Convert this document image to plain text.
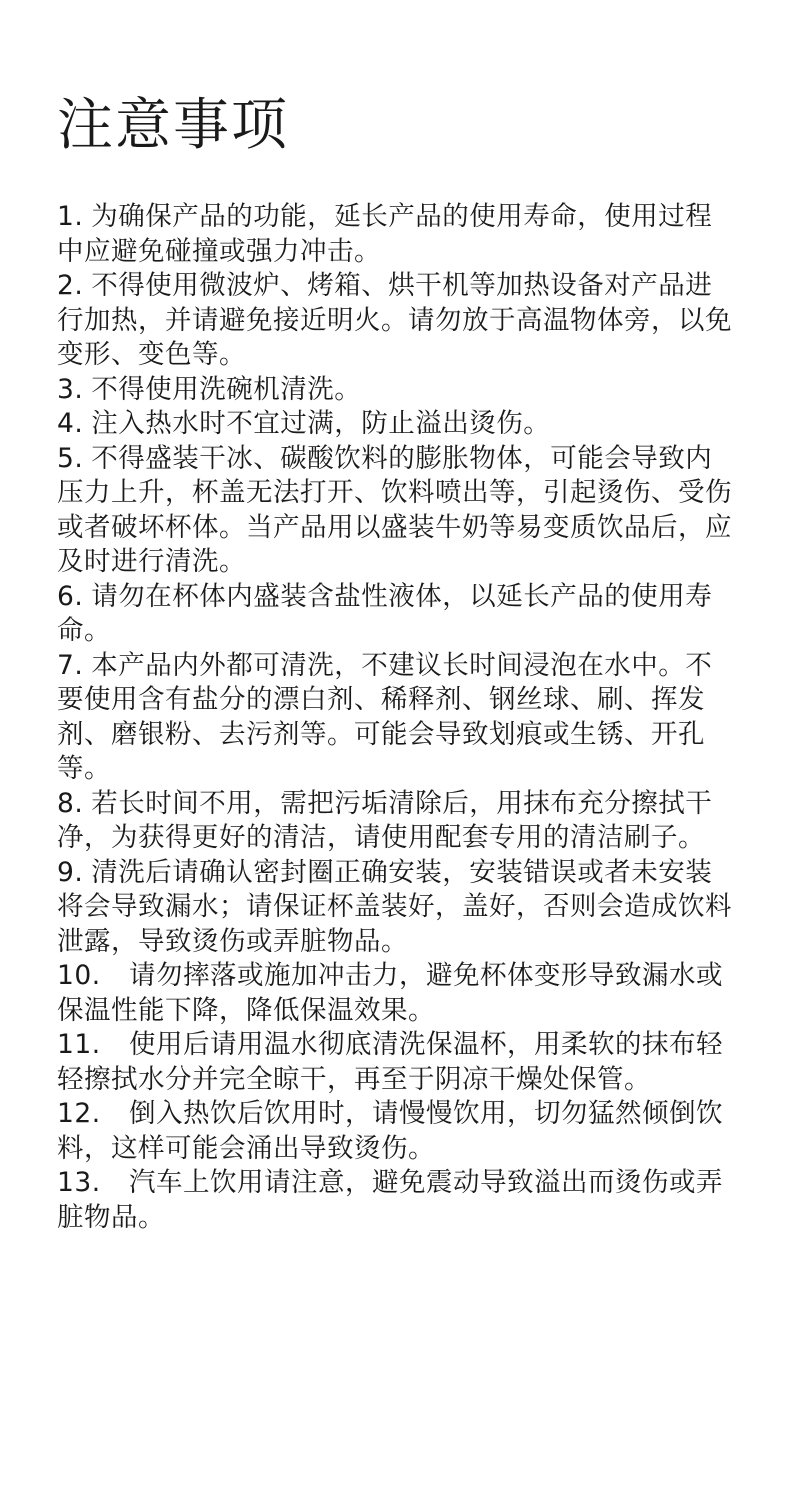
注意事项
1. 为确保产品的功能，延长产品的使用寿命，使用过程中应避免碰撞或强力冲击。
2. 不得使用微波炉、烤箱、烘干机等加热设备对产品进行加热，并请避免接近明火。请勿放于高温物体旁，以免变形、变色等。
3. 不得使用洗碗机清洗。
4. 注入热水时不宜过满，防止溢出烫伤。
5. 不得盛装干冰、碳酸饮料的膨胀物体，可能会导致内压力上升，杯盖无法打开、饮料喷出等，引起烫伤、受伤或者破坏杯体。当产品用以盛装牛奶等易变质饮品后，应及时进行清洗。
6. 请勿在杯体内盛装含盐性液体，以延长产品的使用寿命。
7. 本产品内外都可清洗，不建议长时间浸泡在水中。不要使用含有盐分的漂白剂、稀释剂、钢丝球、刷、挥发剂、磨银粉、去污剂等。可能会导致划痕或生锈、开孔等。
8. 若长时间不用，需把污垢清除后，用抹布充分擦拭干净，为获得更好的清洁，请使用配套专用的清洁刷子。
9. 清洗后请确认密封圈正确安装，安装错误或者未安装将会导致漏水；请保证杯盖装好，盖好，否则会造成饮料泄露，导致烫伤或弄脏物品。
10. 请勿摔落或施加冲击力，避免杯体变形导致漏水或保温性能下降，降低保温效果。
11. 使用后请用温水彻底清洗保温杯，用柔软的抹布轻轻擦拭水分并完全晾干，再至于阴凉干燥处保管。
12. 倒入热饮后饮用时，请慢慢饮用，切勿猛然倾倒饮料，这样可能会涌出导致烫伤。
13. 汽车上饮用请注意，避免震动导致溢出而烫伤或弄脏物品。
